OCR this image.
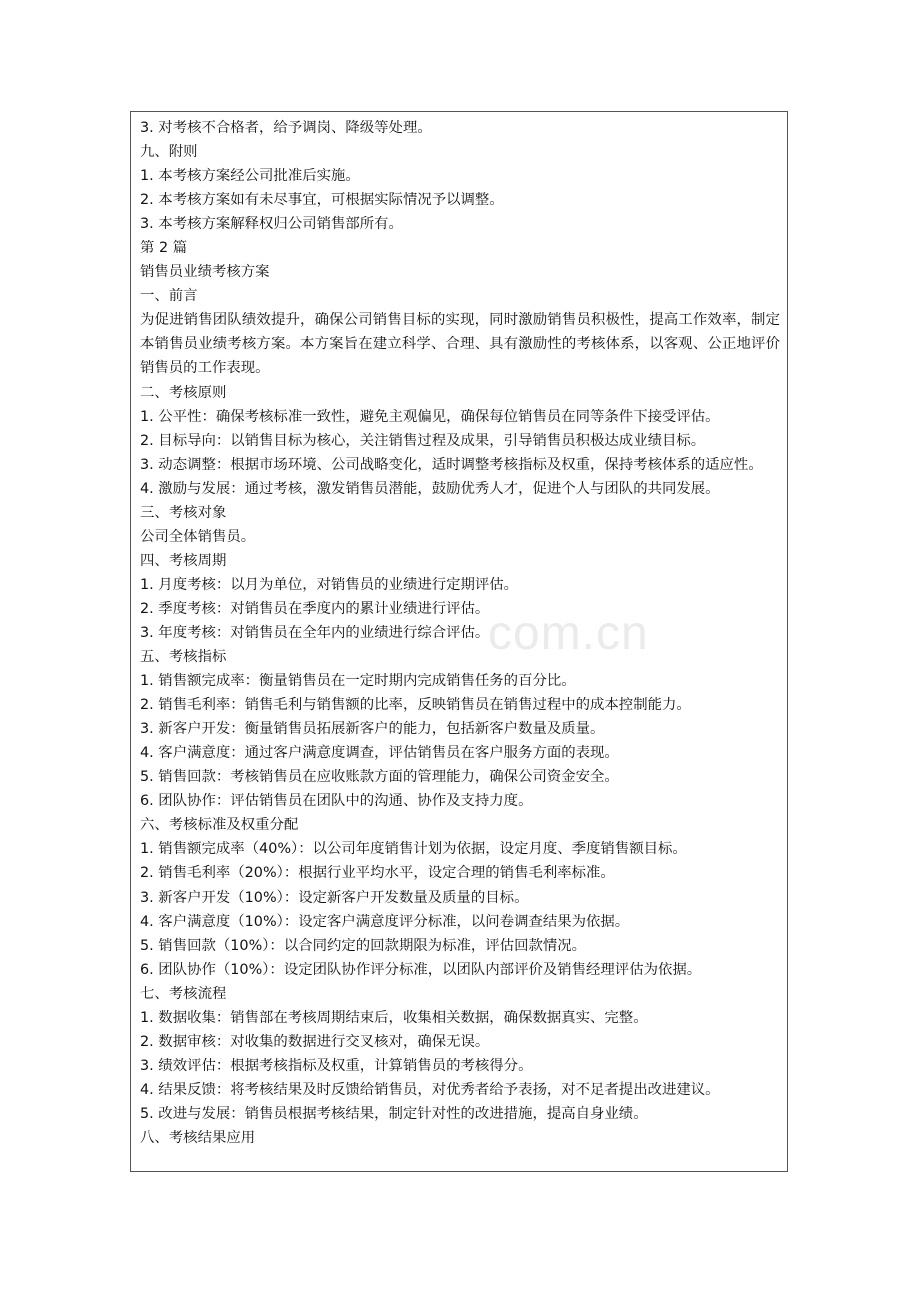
3. 对考核不合格者，给予调岗、降级等处理。
九、附则
1. 本考核方案经公司批准后实施。
2. 本考核方案如有未尽事宜，可根据实际情况予以调整。
3. 本考核方案解释权归公司销售部所有。
第 2 篇
销售员业绩考核方案
一、前言
为促进销售团队绩效提升，确保公司销售目标的实现，同时激励销售员积极性，提高工作效率，制定本销售员业绩考核方案。本方案旨在建立科学、合理、具有激励性的考核体系，以客观、公正地评价销售员的工作表现。
二、考核原则
1. 公平性：确保考核标准一致性，避免主观偏见，确保每位销售员在同等条件下接受评估。
2. 目标导向：以销售目标为核心，关注销售过程及成果，引导销售员积极达成业绩目标。
3. 动态调整：根据市场环境、公司战略变化，适时调整考核指标及权重，保持考核体系的适应性。
4. 激励与发展：通过考核，激发销售员潜能，鼓励优秀人才，促进个人与团队的共同发展。
三、考核对象
公司全体销售员。
四、考核周期
1. 月度考核：以月为单位，对销售员的业绩进行定期评估。
2. 季度考核：对销售员在季度内的累计业绩进行评估。
3. 年度考核：对销售员在全年内的业绩进行综合评估。
五、考核指标
1. 销售额完成率：衡量销售员在一定时期内完成销售任务的百分比。
2. 销售毛利率：销售毛利与销售额的比率，反映销售员在销售过程中的成本控制能力。
3. 新客户开发：衡量销售员拓展新客户的能力，包括新客户数量及质量。
4. 客户满意度：通过客户满意度调查，评估销售员在客户服务方面的表现。
5. 销售回款：考核销售员在应收账款方面的管理能力，确保公司资金安全。
6. 团队协作：评估销售员在团队中的沟通、协作及支持力度。
六、考核标准及权重分配
1. 销售额完成率（40%）：以公司年度销售计划为依据，设定月度、季度销售额目标。
2. 销售毛利率（20%）：根据行业平均水平，设定合理的销售毛利率标准。
3. 新客户开发（10%）：设定新客户开发数量及质量的目标。
4. 客户满意度（10%）：设定客户满意度评分标准，以问卷调查结果为依据。
5. 销售回款（10%）：以合同约定的回款期限为标准，评估回款情况。
6. 团队协作（10%）：设定团队协作评分标准，以团队内部评价及销售经理评估为依据。
七、考核流程
1. 数据收集：销售部在考核周期结束后，收集相关数据，确保数据真实、完整。
2. 数据审核：对收集的数据进行交叉核对，确保无误。
3. 绩效评估：根据考核指标及权重，计算销售员的考核得分。
4. 结果反馈：将考核结果及时反馈给销售员，对优秀者给予表扬，对不足者提出改进建议。
5. 改进与发展：销售员根据考核结果，制定针对性的改进措施，提高自身业绩。
八、考核结果应用
com.cn
